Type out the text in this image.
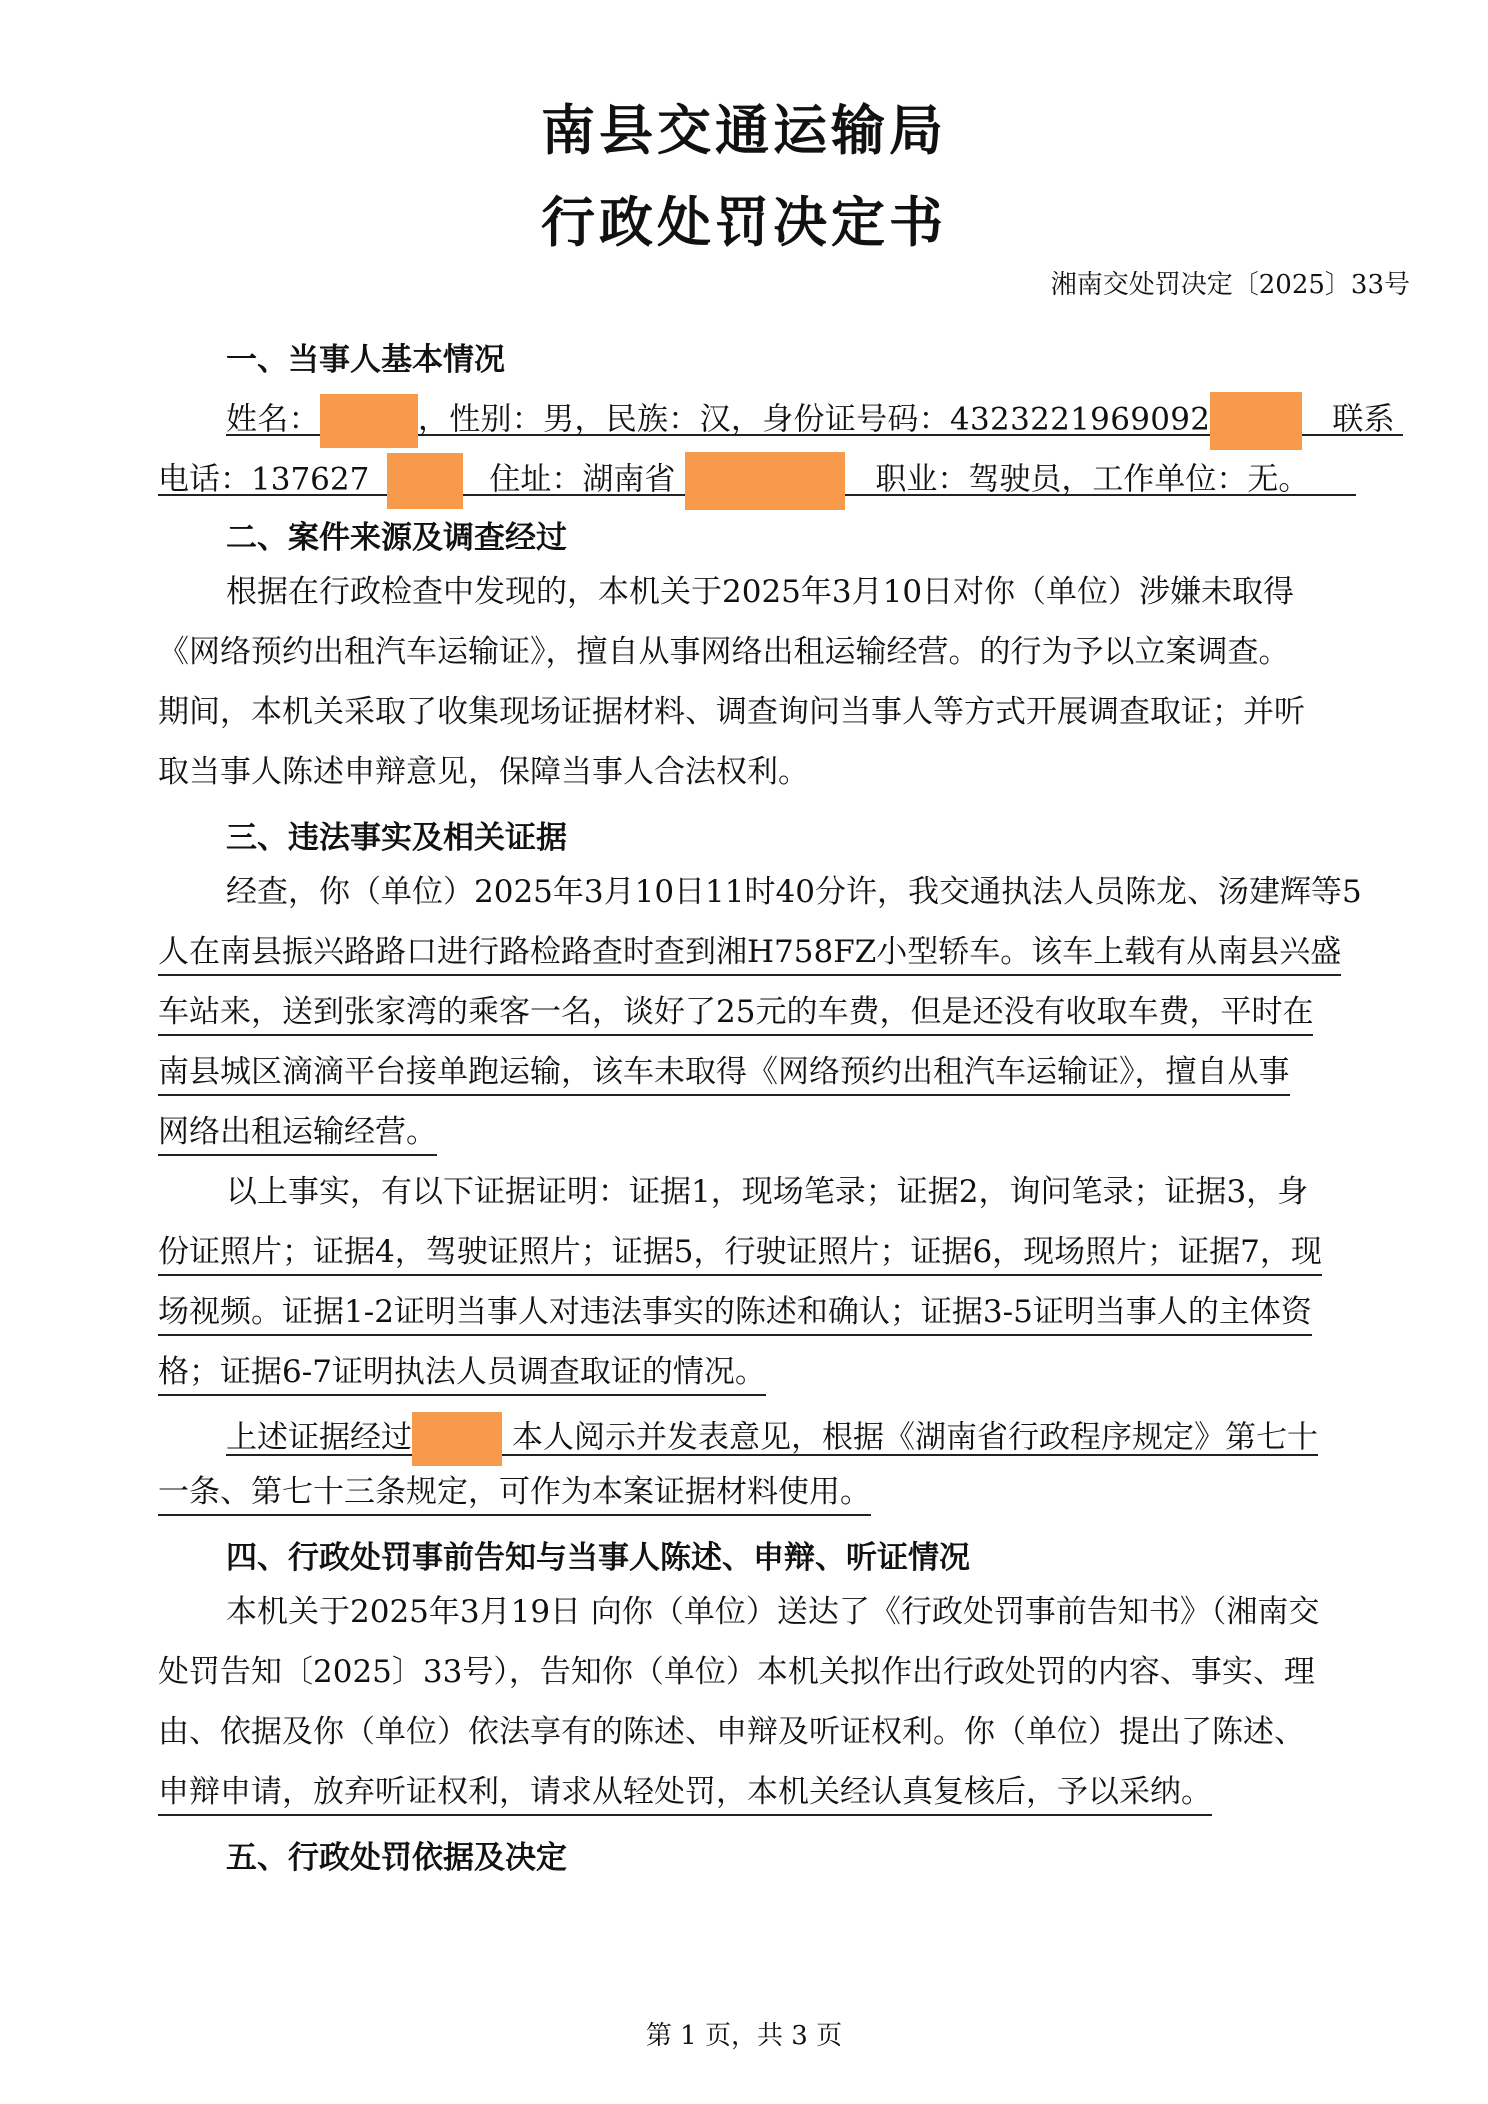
南县交通运输局
行政处罚决定书
湘南交处罚决定〔2025〕33号
一、当事人基本情况
姓名：	，性别：男，民族：汉，身份证号码：4323221969092	联系
电话：137627	住址：湖南省	职业：驾驶员，工作单位：无。
二、案件来源及调查经过
根据在行政检查中发现的，本机关于2025年3月10日对你（单位）涉嫌未取得
《网络预约出租汽车运输证》，擅自从事网络出租运输经营。的行为予以立案调查。
期间，本机关采取了收集现场证据材料、调查询问当事人等方式开展调查取证；并听
取当事人陈述申辩意见，保障当事人合法权利。
三、违法事实及相关证据
经查，你（单位）2025年3月10日11时40分许，我交通执法人员陈龙、汤建辉等5
人在南县振兴路路口进行路检路查时查到湘H758FZ小型轿车。该车上载有从南县兴盛
车站来，送到张家湾的乘客一名，谈好了25元的车费，但是还没有收取车费，平时在
南县城区滴滴平台接单跑运输，该车未取得《网络预约出租汽车运输证》，擅自从事
网络出租运输经营。
以上事实，有以下证据证明：证据1，现场笔录；证据2，询问笔录；证据3，身
份证照片；证据4，驾驶证照片；证据5，行驶证照片；证据6，现场照片；证据7，现
场视频。证据1-2证明当事人对违法事实的陈述和确认；证据3-5证明当事人的主体资
格；证据6-7证明执法人员调查取证的情况。
上述证据经过	本人阅示并发表意见，根据《湖南省行政程序规定》第七十
一条、第七十三条规定，可作为本案证据材料使用。
四、行政处罚事前告知与当事人陈述、申辩、听证情况
本机关于2025年3月19日 向你（单位）送达了《行政处罚事前告知书》（湘南交
处罚告知〔2025〕33号），告知你（单位）本机关拟作出行政处罚的内容、事实、理
由、依据及你（单位）依法享有的陈述、申辩及听证权利。你（单位）提出了陈述、
申辩申请，放弃听证权利，请求从轻处罚，本机关经认真复核后，予以采纳。
五、行政处罚依据及决定
第 1 页，共 3 页
